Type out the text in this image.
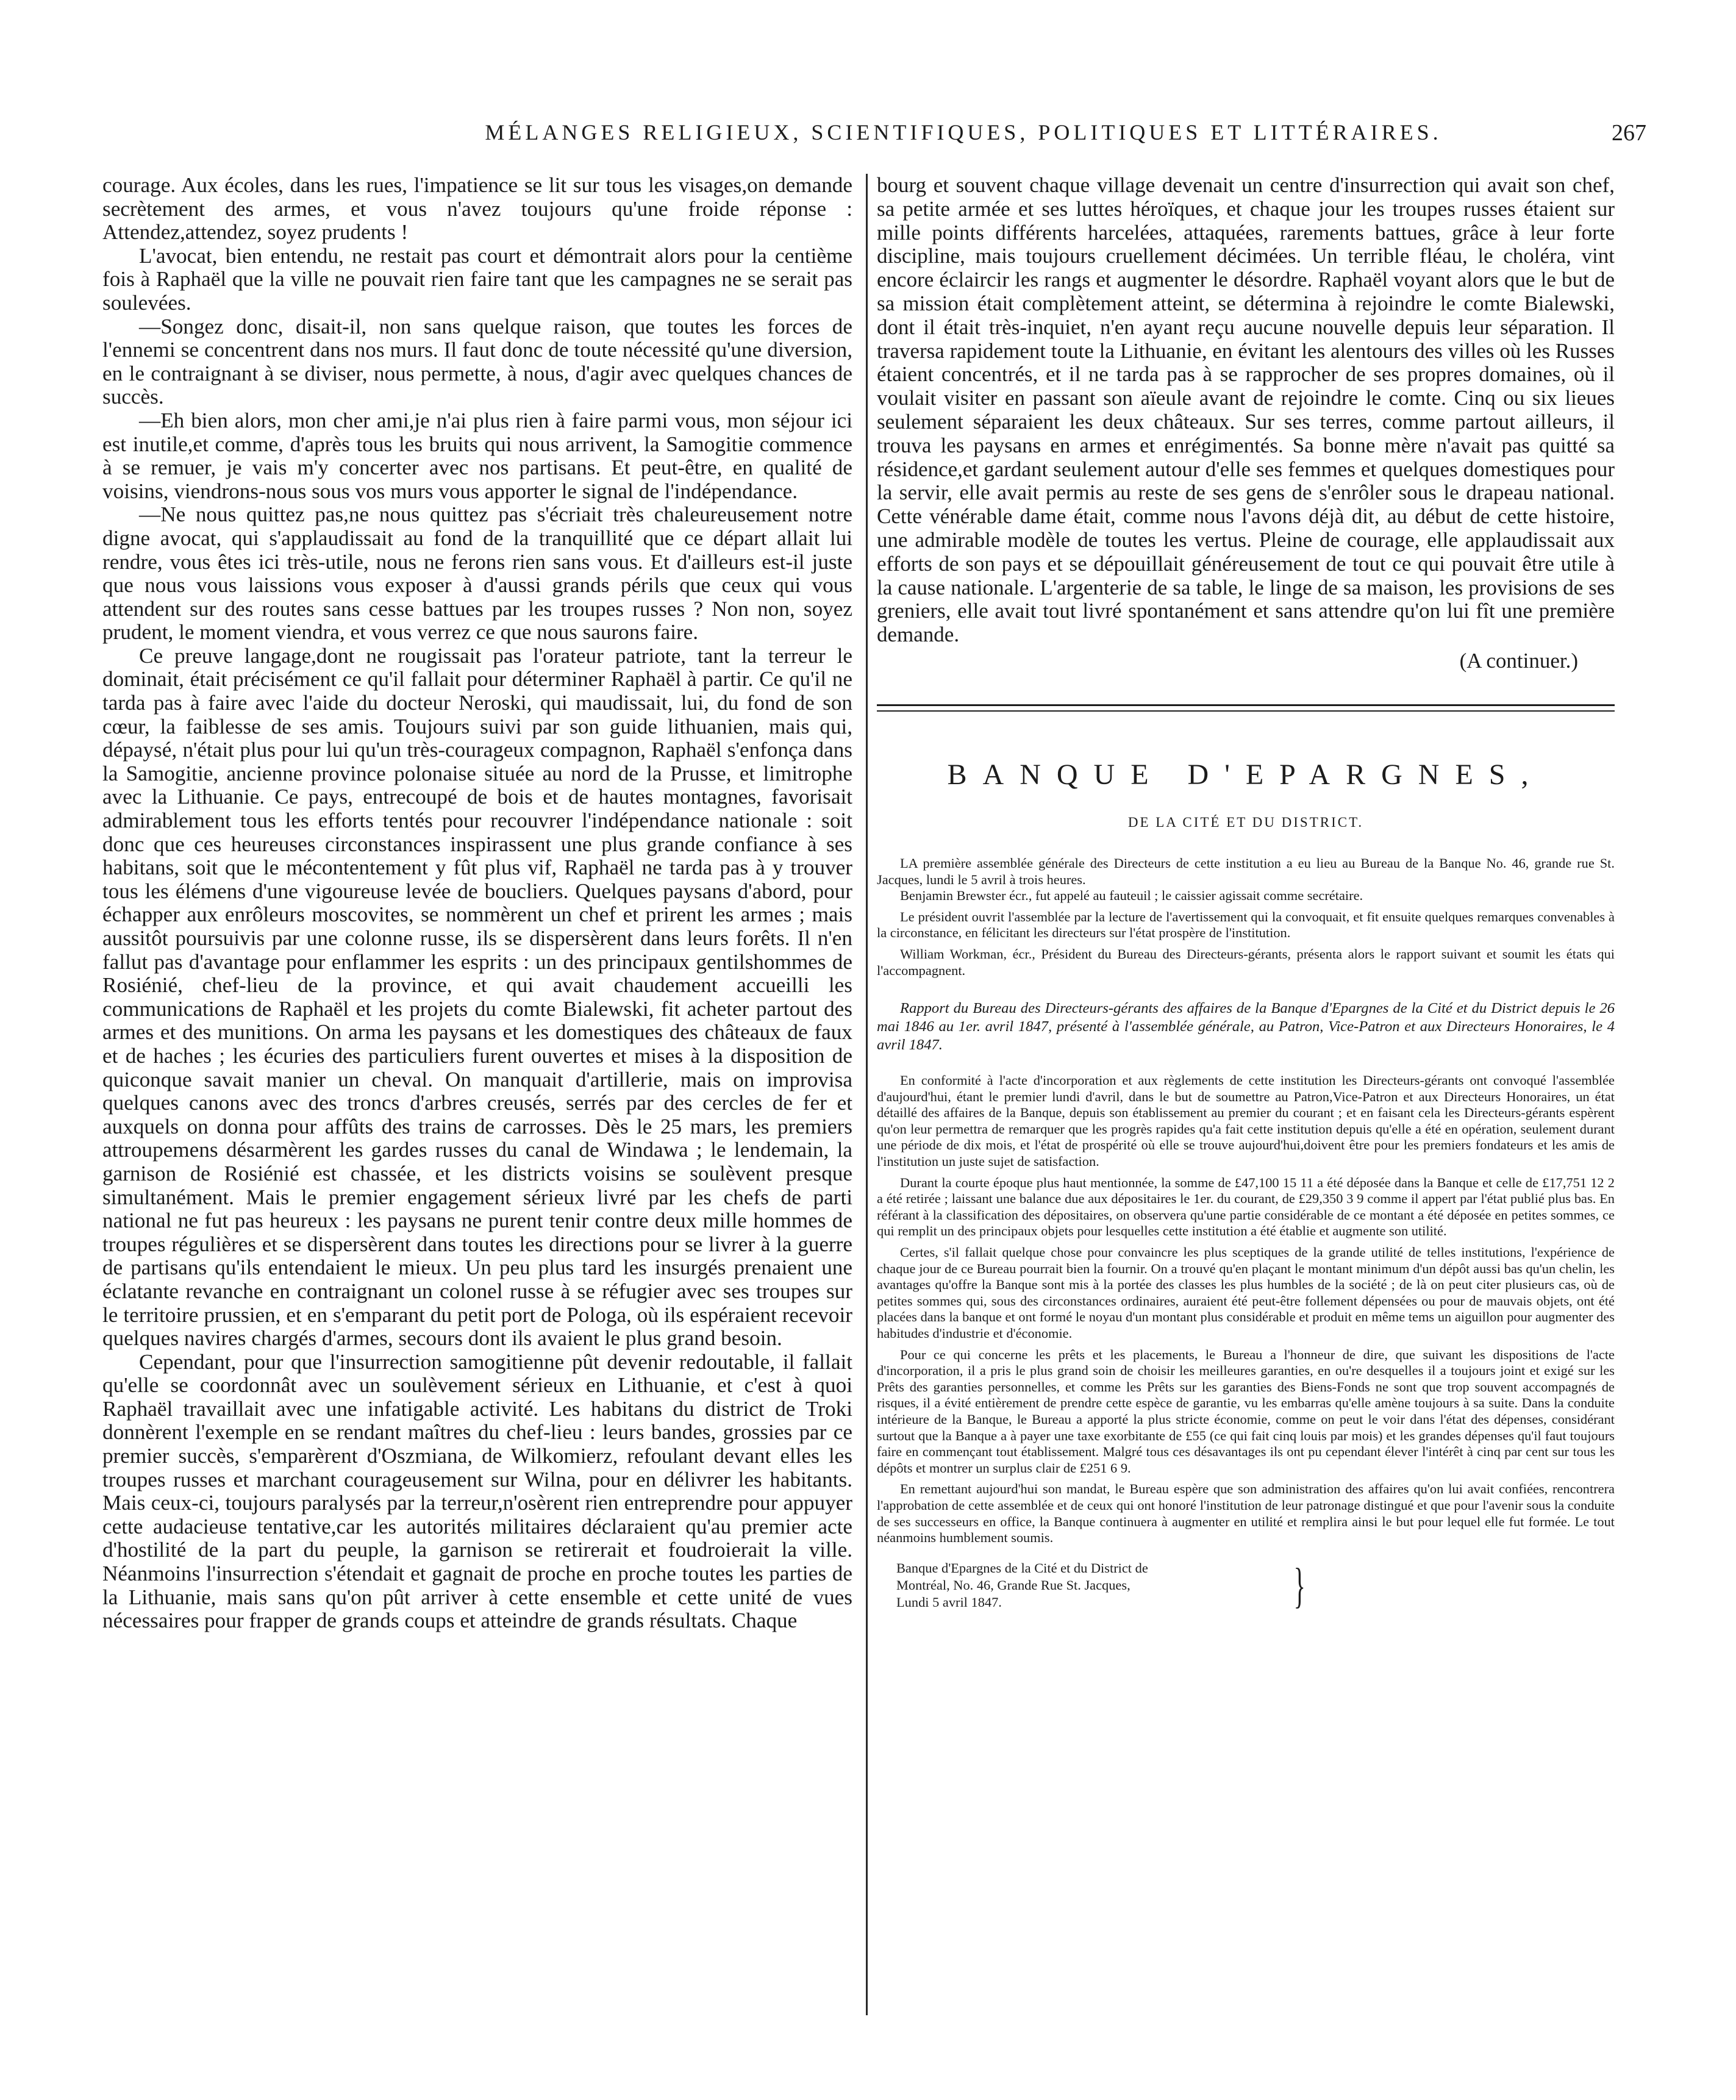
MÉLANGES RELIGIEUX, SCIENTIFIQUES, POLITIQUES ET LITTÉRAIRES.	267

courage. Aux écoles, dans les rues, l'impatience se lit sur tous les visages,on demande secrètement des armes, et vous n'avez toujours qu'une froide réponse : Attendez,attendez, soyez prudents !

L'avocat, bien entendu, ne restait pas court et démontrait alors pour la centième fois à Raphaël que la ville ne pouvait rien faire tant que les campagnes ne se serait pas soulevées.

—Songez donc, disait-il, non sans quelque raison, que toutes les forces de l'ennemi se concentrent dans nos murs. Il faut donc de toute nécessité qu'une diversion, en le contraignant à se diviser, nous permette, à nous, d'agir avec quelques chances de succès.

—Eh bien alors, mon cher ami,je n'ai plus rien à faire parmi vous, mon séjour ici est inutile,et comme, d'après tous les bruits qui nous arrivent, la Samogitie commence à se remuer, je vais m'y concerter avec nos partisans. Et peut-être, en qualité de voisins, viendrons-nous sous vos murs vous apporter le signal de l'indépendance.

—Ne nous quittez pas,ne nous quittez pas s'écriait très chaleureusement notre digne avocat, qui s'applaudissait au fond de la tranquillité que ce départ allait lui rendre, vous êtes ici très-utile, nous ne ferons rien sans vous. Et d'ailleurs est-il juste que nous vous laissions vous exposer à d'aussi grands périls que ceux qui vous attendent sur des routes sans cesse battues par les troupes russes ? Non non, soyez prudent, le moment viendra, et vous verrez ce que nous saurons faire.

Ce preuve langage,dont ne rougissait pas l'orateur patriote, tant la terreur le dominait, était précisément ce qu'il fallait pour déterminer Raphaël à partir. Ce qu'il ne tarda pas à faire avec l'aide du docteur Neroski, qui maudissait, lui, du fond de son cœur, la faiblesse de ses amis. Toujours suivi par son guide lithuanien, mais qui, dépaysé, n'était plus pour lui qu'un très-courageux compagnon, Raphaël s'enfonça dans la Samogitie, ancienne province polonaise située au nord de la Prusse, et limitrophe avec la Lithuanie. Ce pays, entrecoupé de bois et de hautes montagnes, favorisait admirablement tous les efforts tentés pour recouvrer l'indépendance nationale : soit donc que ces heureuses circonstances inspirassent une plus grande confiance à ses habitans, soit que le mécontentement y fût plus vif, Raphaël ne tarda pas à y trouver tous les élémens d'une vigoureuse levée de boucliers. Quelques paysans d'abord, pour échapper aux enrôleurs moscovites, se nommèrent un chef et prirent les armes ; mais aussitôt poursuivis par une colonne russe, ils se dispersèrent dans leurs forêts. Il n'en fallut pas d'avantage pour enflammer les esprits : un des principaux gentilshommes de Rosiénié, chef-lieu de la province, et qui avait chaudement accueilli les communications de Raphaël et les projets du comte Bialewski, fit acheter partout des armes et des munitions. On arma les paysans et les domestiques des châteaux de faux et de haches ; les écuries des particuliers furent ouvertes et mises à la disposition de quiconque savait manier un cheval. On manquait d'artillerie, mais on improvisa quelques canons avec des troncs d'arbres creusés, serrés par des cercles de fer et auxquels on donna pour affûts des trains de carrosses. Dès le 25 mars, les premiers attroupemens désarmèrent les gardes russes du canal de Windawa ; le lendemain, la garnison de Rosiénié est chassée, et les districts voisins se soulèvent presque simultanément. Mais le premier engagement sérieux livré par les chefs de parti national ne fut pas heureux : les paysans ne purent tenir contre deux mille hommes de troupes régulières et se dispersèrent dans toutes les directions pour se livrer à la guerre de partisans qu'ils entendaient le mieux. Un peu plus tard les insurgés prenaient une éclatante revanche en contraignant un colonel russe à se réfugier avec ses troupes sur le territoire prussien, et en s'emparant du petit port de Pologa, où ils espéraient recevoir quelques navires chargés d'armes, secours dont ils avaient le plus grand besoin.

Cependant, pour que l'insurrection samogitienne pût devenir redoutable, il fallait qu'elle se coordonnât avec un soulèvement sérieux en Lithuanie, et c'est à quoi Raphaël travaillait avec une infatigable activité. Les habitans du district de Troki donnèrent l'exemple en se rendant maîtres du chef-lieu : leurs bandes, grossies par ce premier succès, s'emparèrent d'Oszmiana, de Wilkomierz, refoulant devant elles les troupes russes et marchant courageusement sur Wilna, pour en délivrer les habitants. Mais ceux-ci, toujours paralysés par la terreur,n'osèrent rien entreprendre pour appuyer cette audacieuse tentative,car les autorités militaires déclaraient qu'au premier acte d'hostilité de la part du peuple, la garnison se retirerait et foudroierait la ville. Néanmoins l'insurrection s'étendait et gagnait de proche en proche toutes les parties de la Lithuanie, mais sans qu'on pût arriver à cette ensemble et cette unité de vues nécessaires pour frapper de grands coups et atteindre de grands résultats. Chaque

bourg et souvent chaque village devenait un centre d'insurrection qui avait son chef, sa petite armée et ses luttes héroïques, et chaque jour les troupes russes étaient sur mille points différents harcelées, attaquées, rarements battues, grâce à leur forte discipline, mais toujours cruellement décimées. Un terrible fléau, le choléra, vint encore éclaircir les rangs et augmenter le désordre. Raphaël voyant alors que le but de sa mission était complètement atteint, se détermina à rejoindre le comte Bialewski, dont il était très-inquiet, n'en ayant reçu aucune nouvelle depuis leur séparation. Il traversa rapidement toute la Lithuanie, en évitant les alentours des villes où les Russes étaient concentrés, et il ne tarda pas à se rapprocher de ses propres domaines, où il voulait visiter en passant son aïeule avant de rejoindre le comte. Cinq ou six lieues seulement séparaient les deux châteaux. Sur ses terres, comme partout ailleurs, il trouva les paysans en armes et enrégimentés. Sa bonne mère n'avait pas quitté sa résidence,et gardant seulement autour d'elle ses femmes et quelques domestiques pour la servir, elle avait permis au reste de ses gens de s'enrôler sous le drapeau national. Cette vénérable dame était, comme nous l'avons déjà dit, au début de cette histoire, une admirable modèle de toutes les vertus. Pleine de courage, elle applaudissait aux efforts de son pays et se dépouillait généreusement de tout ce qui pouvait être utile à la cause nationale. L'argenterie de sa table, le linge de sa maison, les provisions de ses greniers, elle avait tout livré spontanément et sans attendre qu'on lui fît une première demande.

(A continuer.)

BANQUE D'EPARGNES,
DE LA CITÉ ET DU DISTRICT.

LA première assemblée générale des Directeurs de cette institution a eu lieu au Bureau de la Banque No. 46, grande rue St. Jacques, lundi le 5 avril à trois heures.

Benjamin Brewster écr., fut appelé au fauteuil ; le caissier agissait comme secrétaire.

Le président ouvrit l'assemblée par la lecture de l'avertissement qui la convoquait, et fit ensuite quelques remarques convenables à la circonstance, en félicitant les directeurs sur l'état prospère de l'institution.

William Workman, écr., Président du Bureau des Directeurs-gérants, présenta alors le rapport suivant et soumit les états qui l'accompagnent.

Rapport du Bureau des Directeurs-gérants des affaires de la Banque d'Epargnes de la Cité et du District depuis le 26 mai 1846 au 1er. avril 1847, présenté à l'assemblée générale, au Patron, Vice-Patron et aux Directeurs Honoraires, le 4 avril 1847.

En conformité à l'acte d'incorporation et aux règlements de cette institution les Directeurs-gérants ont convoqué l'assemblée d'aujourd'hui, étant le premier lundi d'avril, dans le but de soumettre au Patron,Vice-Patron et aux Directeurs Honoraires, un état détaillé des affaires de la Banque, depuis son établissement au premier du courant ; et en faisant cela les Directeurs-gérants espèrent qu'on leur permettra de remarquer que les progrès rapides qu'a fait cette institution depuis qu'elle a été en opération, seulement durant une période de dix mois, et l'état de prospérité où elle se trouve aujourd'hui,doivent être pour les premiers fondateurs et les amis de l'institution un juste sujet de satisfaction.

Durant la courte époque plus haut mentionnée, la somme de £47,100 15 11 a été déposée dans la Banque et celle de £17,751 12 2 a été retirée ; laissant une balance due aux dépositaires le 1er. du courant, de £29,350 3 9 comme il appert par l'état publié plus bas. En référant à la classification des dépositaires, on observera qu'une partie considérable de ce montant a été déposée en petites sommes, ce qui remplit un des principaux objets pour lesquelles cette institution a été établie et augmente son utilité.

Certes, s'il fallait quelque chose pour convaincre les plus sceptiques de la grande utilité de telles institutions, l'expérience de chaque jour de ce Bureau pourrait bien la fournir. On a trouvé qu'en plaçant le montant minimum d'un dépôt aussi bas qu'un chelin, les avantages qu'offre la Banque sont mis à la portée des classes les plus humbles de la société ; de là on peut citer plusieurs cas, où de petites sommes qui, sous des circonstances ordinaires, auraient été peut-être follement dépensées ou pour de mauvais objets, ont été placées dans la banque et ont formé le noyau d'un montant plus considérable et produit en même tems un aiguillon pour augmenter des habitudes d'industrie et d'économie.

Pour ce qui concerne les prêts et les placements, le Bureau a l'honneur de dire, que suivant les dispositions de l'acte d'incorporation, il a pris le plus grand soin de choisir les meilleures garanties, en ou're desquelles il a toujours joint et exigé sur les Prêts des garanties personnelles, et comme les Prêts sur les garanties des Biens-Fonds ne sont que trop souvent accompagnés de risques, il a évité entièrement de prendre cette espèce de garantie, vu les embarras qu'elle amène toujours à sa suite. Dans la conduite intérieure de la Banque, le Bureau a apporté la plus stricte économie, comme on peut le voir dans l'état des dépenses, considérant surtout que la Banque a à payer une taxe exorbitante de £55 (ce qui fait cinq louis par mois) et les grandes dépenses qu'il faut toujours faire en commençant tout établissement. Malgré tous ces désavantages ils ont pu cependant élever l'intérêt à cinq par cent sur tous les dépôts et montrer un surplus clair de £251 6 9.

En remettant aujourd'hui son mandat, le Bureau espère que son administration des affaires qu'on lui avait confiées, rencontrera l'approbation de cette assemblée et de ceux qui ont honoré l'institution de leur patronage distingué et que pour l'avenir sous la conduite de ses successeurs en office, la Banque continuera à augmenter en utilité et remplira ainsi le but pour lequel elle fut formée. Le tout néanmoins humblement soumis.

Banque d'Epargnes de la Cité et du District de
Montréal, No. 46, Grande Rue St. Jacques,
Lundi 5 avril 1847.	}
